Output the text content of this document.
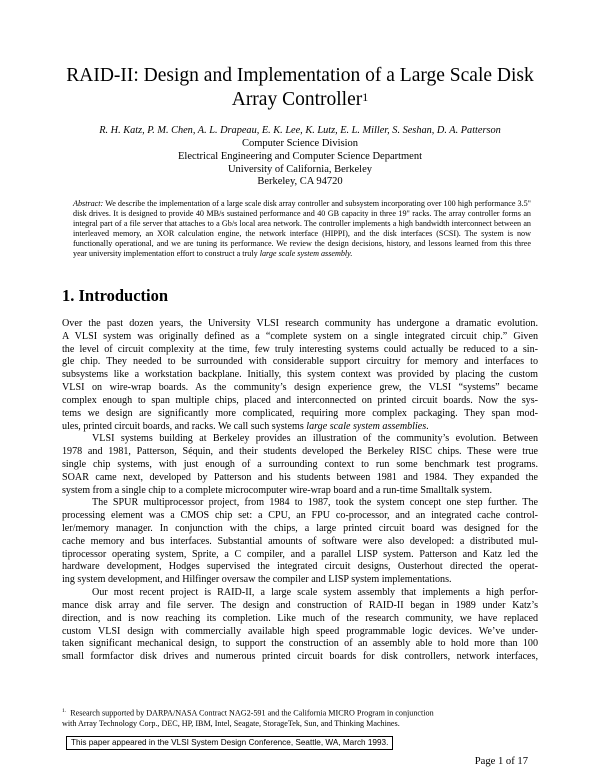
RAID-II: Design and Implementation of a Large Scale Disk
Array Controller$^1$
R. H. Katz, P. M. Chen, A. L. Drapeau, E. K. Lee, K. Lutz, E. L. Miller, S. Seshan, D. A. Patterson
Computer Science Division
Electrical Engineering and Computer Science Department
University of California, Berkeley
Berkeley, CA 94720
Abstract: We describe the implementation of a large scale disk array controller and subsystem incorporating over 100 high performance 3.5" disk drives. It is designed to provide 40 MB/s sustained performance and 40 GB capacity in three 19" racks. The array controller forms an integral part of a file server that attaches to a Gb/s local area network. The controller implements a high bandwidth interconnect between an interleaved memory, an XOR calculation engine, the network interface (HIPPI), and the disk interfaces (SCSI). The system is now functionally operational, and we are tuning its performance. We review the design decisions, history, and lessons learned from this three year university implementation effort to construct a truly large scale system assembly.
1. Introduction
Over the past dozen years, the University VLSI research community has undergone a dramatic evolution.
A VLSI system was originally defined as a “complete system on a single integrated circuit chip.” Given
the level of circuit complexity at the time, few truly interesting systems could actually be reduced to a sin-
gle chip. They needed to be surrounded with considerable support circuitry for memory and interfaces to
subsystems like a workstation backplane. Initially, this system context was provided by placing the custom
VLSI on wire-wrap boards. As the community’s design experience grew, the VLSI “systems” became
complex enough to span multiple chips, placed and interconnected on printed circuit boards. Now the sys-
tems we design are significantly more complicated, requiring more complex packaging. They span mod-
ules, printed circuit boards, and racks. We call such systems large scale system assemblies.
VLSI systems building at Berkeley provides an illustration of the community’s evolution. Between
1978 and 1981, Patterson, Séquin, and their students developed the Berkeley RISC chips. These were true
single chip systems, with just enough of a surrounding context to run some benchmark test programs.
SOAR came next, developed by Patterson and his students between 1981 and 1984. They expanded the
system from a single chip to a complete microcomputer wire-wrap board and a run-time Smalltalk system.
The SPUR multiprocessor project, from 1984 to 1987, took the system concept one step further. The
processing element was a CMOS chip set: a CPU, an FPU co-processor, and an integrated cache control-
ler/memory manager. In conjunction with the chips, a large printed circuit board was designed for the
cache memory and bus interfaces. Substantial amounts of software were also developed: a distributed mul-
tiprocessor operating system, Sprite, a C compiler, and a parallel LISP system. Patterson and Katz led the
hardware development, Hodges supervised the integrated circuit designs, Ousterhout directed the operat-
ing system development, and Hilfinger oversaw the compiler and LISP system implementations.
Our most recent project is RAID-II, a large scale system assembly that implements a high perfor-
mance disk array and file server. The design and construction of RAID-II began in 1989 under Katz’s
direction, and is now reaching its completion. Like much of the research community, we have replaced
custom VLSI design with commercially available high speed programmable logic devices. We’ve under-
taken significant mechanical design, to support the construction of an assembly able to hold more than 100
small formfactor disk drives and numerous printed circuit boards for disk controllers, network interfaces,
$^{1.}$ Research supported by DARPA/NASA Contract NAG2-591 and the California MICRO Program in conjunction
with Array Technology Corp., DEC, HP, IBM, Intel, Seagate, StorageTek, Sun, and Thinking Machines.
This paper appeared in the VLSI System Design Conference, Seattle, WA, March 1993.
Page 1 of 17
